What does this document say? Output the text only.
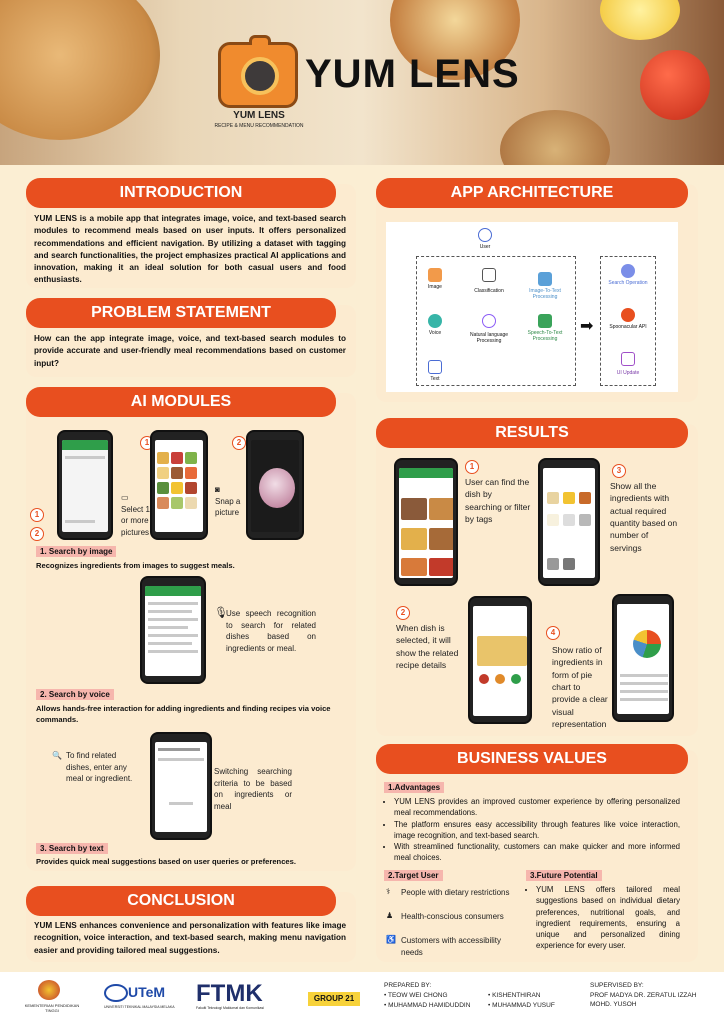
YUM LENS
RECIPE & MENU RECOMMENDATION
YUM LENS
INTRODUCTION
YUM LENS is a mobile app that integrates image, voice, and text-based search modules to recommend meals based on user inputs. It offers personalized recommendations and efficient navigation. By utilizing a dataset with tagging and search functionalities, the project emphasizes practical AI applications and innovation, making it an ideal solution for both casual users and food enthusiasts.
PROBLEM STATEMENT
How can the app integrate image, voice, and text-based search modules to provide accurate and user-friendly meal recommendations based on customer input?
AI MODULES
1
2
1
▭
Select 1 or more pictures
2
◙
Snap a picture
1. Search by image
Recognizes ingredients from images to suggest meals.
🎙
Use speech recognition to search for related dishes based on ingredients or meal.
2. Search by voice
Allows hands-free interaction for adding ingredients and finding recipes via voice commands.
🔍 To find related dishes, enter any meal or ingredient.
Switching searching criteria to be based on ingredients or meal
3. Search by text
Provides quick meal suggestions based on user queries or preferences.
CONCLUSION
YUM LENS enhances convenience and personalization with features like image recognition, voice interaction, and text-based search, making menu navigation easier and providing tailored meal suggestions.
APP ARCHITECTURE
User
Image
Classification	Image-To-Text Processing
Voice	Natural language Processing
Speech-To-Text Processing
Text
➡
Search Operation
Spoonacular API
UI Update
RESULTS
1
User can find the dish by searching or filter by tags
3
Show all the ingredients with actual required quantity based on number of servings
2
When dish is selected, it will show the related recipe details
4
Show ratio of ingredients in form of pie chart to provide a clear visual representation
BUSINESS VALUES
1.Advantages
• YUM LENS provides an improved customer experience by offering personalized meal recommendations.
• The platform ensures easy accessibility through features like voice interaction, image recognition, and text-based search.
• With streamlined functionality, customers can make quicker and more informed meal choices.
2.Target User
⚕ People with dietary restrictions
♟ Health-conscious consumers
♿ Customers with accessibility needs
3.Future Potential
• YUM LENS offers tailored meal suggestions based on individual dietary preferences, nutritional goals, and ingredient requirements, ensuring a unique and personalized dining experience for every user.
KEMENTERIAN PENDIDIKAN TINGGI
UTeM
UNIVERSITI TEKNIKAL MALAYSIA MELAKA FTMK
Fakulti Teknologi Maklumat dan Komunikasi
GROUP 21
PREPARED BY:
• TEOW WEI CHONG
• MUHAMMAD HAMIDUDDIN
• KISHENTHIRAN
• MUHAMMAD YUSUF
SUPERVISED BY:
PROF MADYA DR. ZERATUL IZZAH MOHD. YUSOH
